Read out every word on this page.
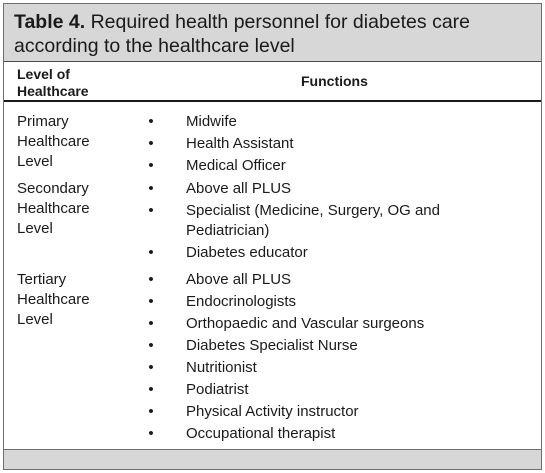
Table 4. Required health personnel for diabetes care according to the healthcare level
Level of Healthcare
Functions
Primary Healthcare Level
• Midwife
• Health Assistant
• Medical Officer
Secondary Healthcare Level
• Above all PLUS
• Specialist (Medicine, Surgery, OG and Pediatrician)
• Diabetes educator
Tertiary Healthcare Level
• Above all PLUS
• Endocrinologists
• Orthopaedic and Vascular surgeons
• Diabetes Specialist Nurse
• Nutritionist
• Podiatrist
• Physical Activity instructor
• Occupational therapist
